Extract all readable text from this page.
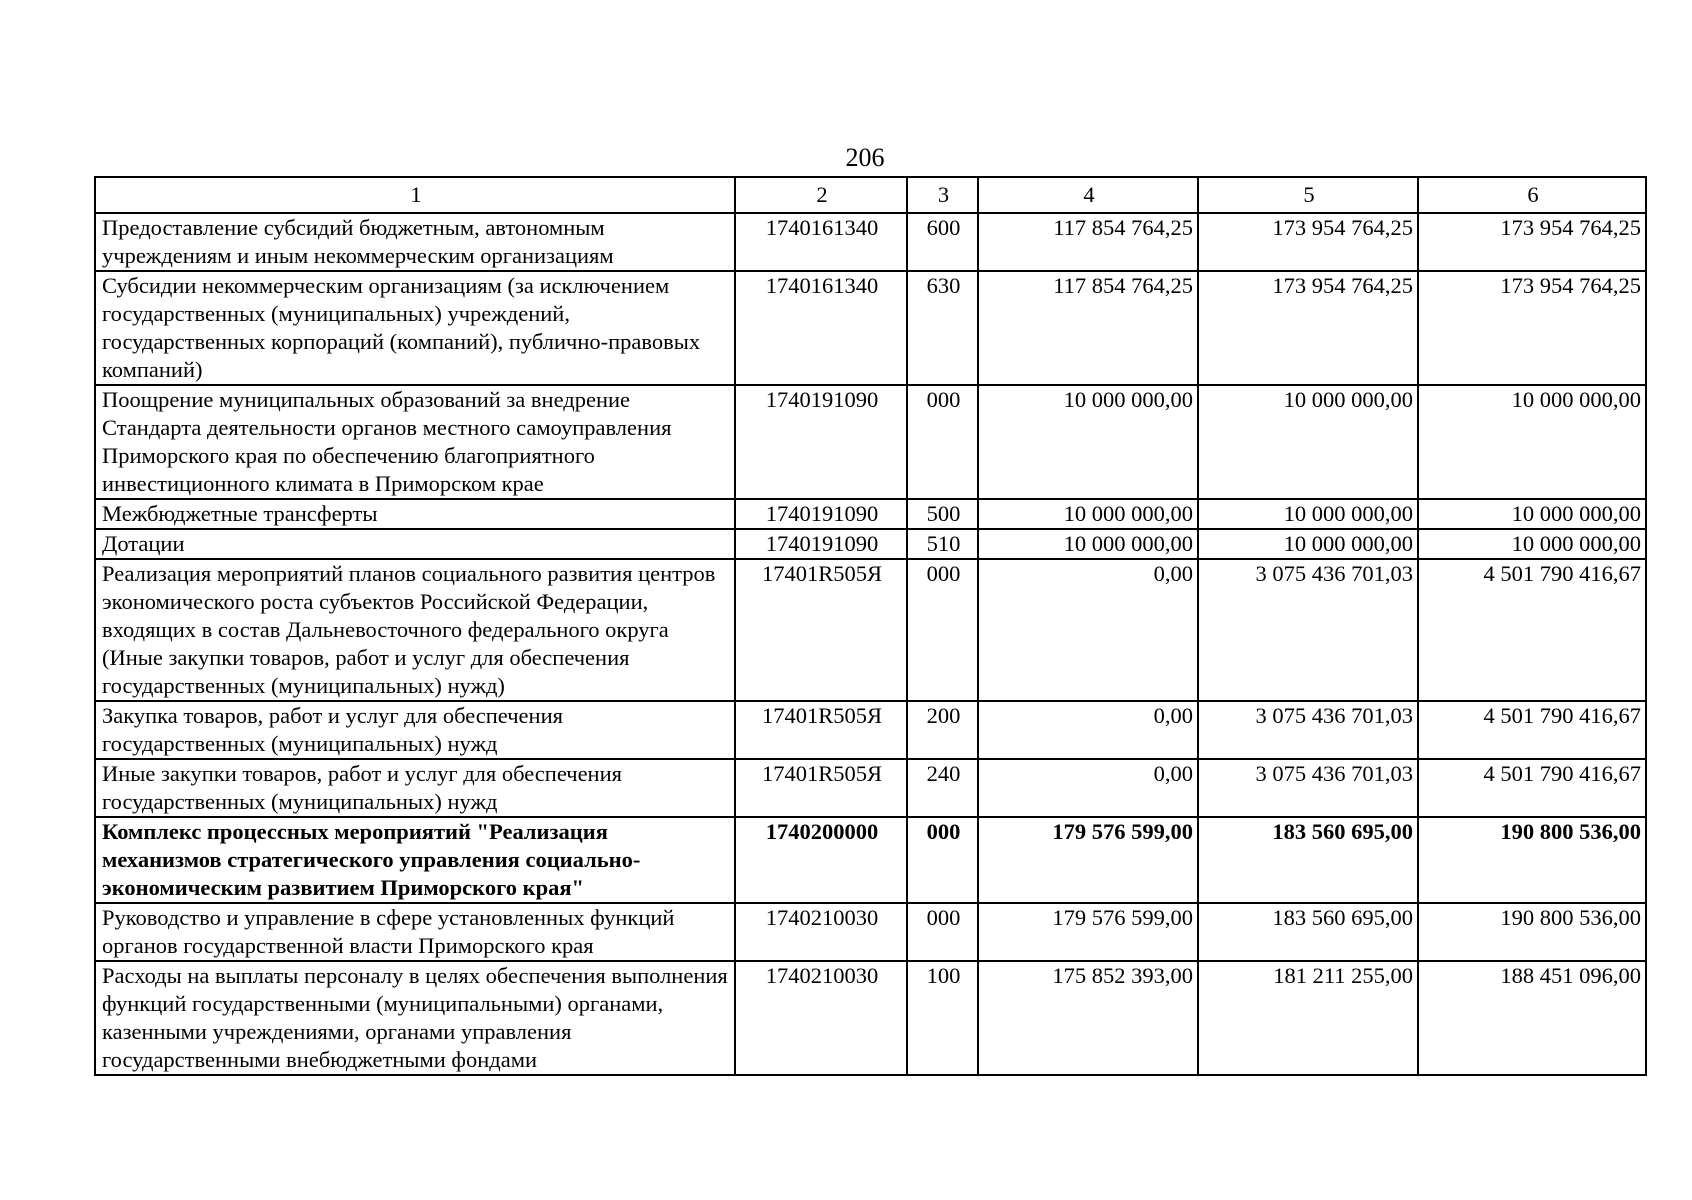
206
1	2	3	4	5	6
Предоставление субсидий бюджетным, автономным учреждениям и иным некоммерческим организациям	1740161340	600	117 854 764,25	173 954 764,25	173 954 764,25
Субсидии некоммерческим организациям (за исключением государственных (муниципальных) учреждений, государственных корпораций (компаний), публично-правовых компаний)	1740161340	630	117 854 764,25	173 954 764,25	173 954 764,25
Поощрение муниципальных образований за внедрение Стандарта деятельности органов местного самоуправления Приморского края по обеспечению благоприятного инвестиционного климата в Приморском крае	1740191090	000	10 000 000,00	10 000 000,00	10 000 000,00
Межбюджетные трансферты	1740191090	500	10 000 000,00	10 000 000,00	10 000 000,00
Дотации	1740191090	510	10 000 000,00	10 000 000,00	10 000 000,00
Реализация мероприятий планов социального развития центров экономического роста субъектов Российской Федерации, входящих в состав Дальневосточного федерального округа (Иные закупки товаров, работ и услуг для обеспечения государственных (муниципальных) нужд)	17401R505Я	000	0,00	3 075 436 701,03	4 501 790 416,67
Закупка товаров, работ и услуг для обеспечения государственных (муниципальных) нужд	17401R505Я	200	0,00	3 075 436 701,03	4 501 790 416,67
Иные закупки товаров, работ и услуг для обеспечения государственных (муниципальных) нужд	17401R505Я	240	0,00	3 075 436 701,03	4 501 790 416,67
Комплекс процессных мероприятий "Реализация механизмов стратегического управления социально-экономическим развитием Приморского края"	1740200000	000	179 576 599,00	183 560 695,00	190 800 536,00
Руководство и управление в сфере установленных функций органов государственной власти Приморского края	1740210030	000	179 576 599,00	183 560 695,00	190 800 536,00
Расходы на выплаты персоналу в целях обеспечения выполнения функций государственными (муниципальными) органами, казенными учреждениями, органами управления государственными внебюджетными фондами	1740210030	100	175 852 393,00	181 211 255,00	188 451 096,00
